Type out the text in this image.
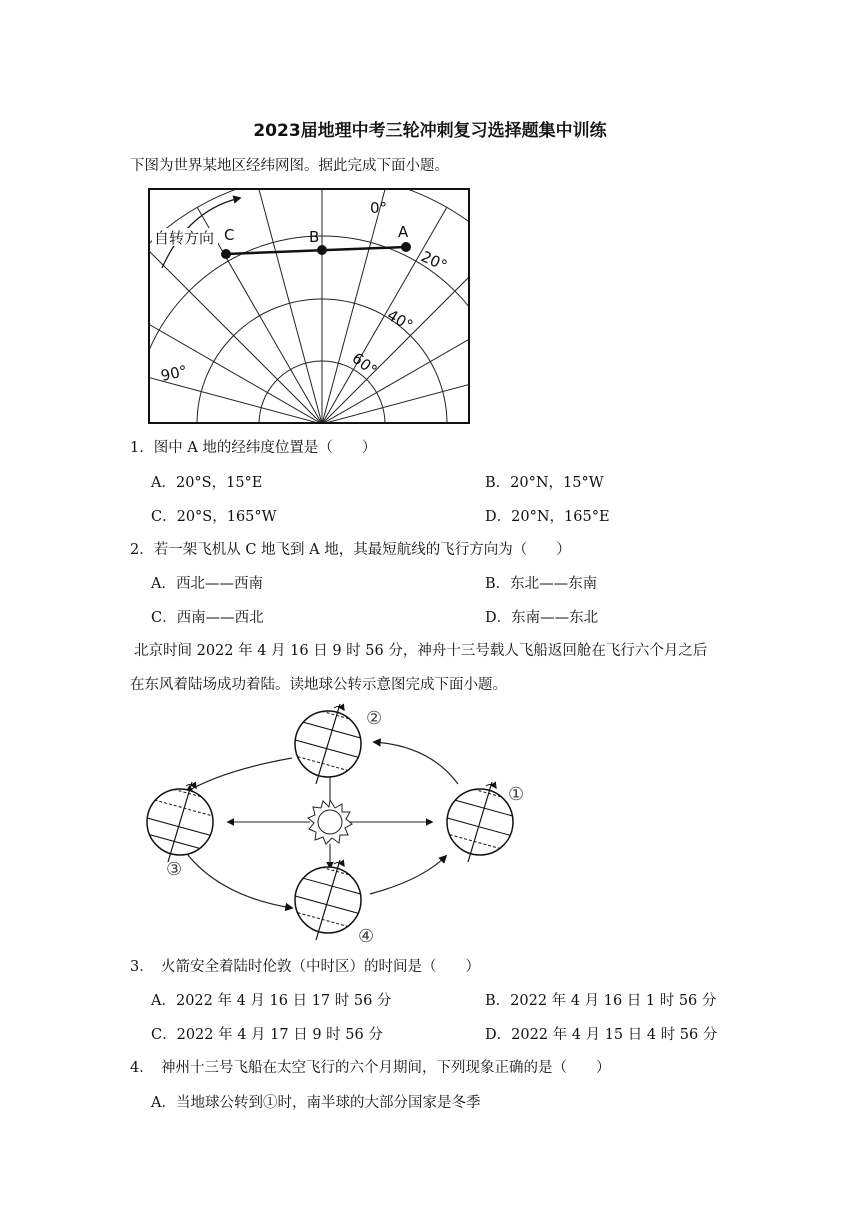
2023届地理中考三轮冲刺复习选择题集中训练
下图为世界某地区经纬网图。据此完成下面小题。
自转方向 C	B	A
0°
90°
20°
40°
60°
1．图中 A 地的经纬度位置是（　　）
A．20°S，15°E	B．20°N，15°W
C．20°S，165°W	D．20°N，165°E
2．若一架飞机从 C 地飞到 A 地，其最短航线的飞行方向为（　　）
A．西北——西南	B．东北——东南
C．西南——西北	D．东南——东北
北京时间 2022 年 4 月 16 日 9 时 56 分，神舟十三号载人飞船返回舱在飞行六个月之后
在东风着陆场成功着陆。读地球公转示意图完成下面小题。
②
①
③
④
3．　火箭安全着陆时伦敦（中时区）的时间是（　　）
A．2022 年 4 月 16 日 17 时 56 分	B．2022 年 4 月 16 日 1 时 56 分
C．2022 年 4 月 17 日 9 时 56 分	D．2022 年 4 月 15 日 4 时 56 分
4．　神州十三号飞船在太空飞行的六个月期间，下列现象正确的是（　　）
A．当地球公转到①时，南半球的大部分国家是冬季
